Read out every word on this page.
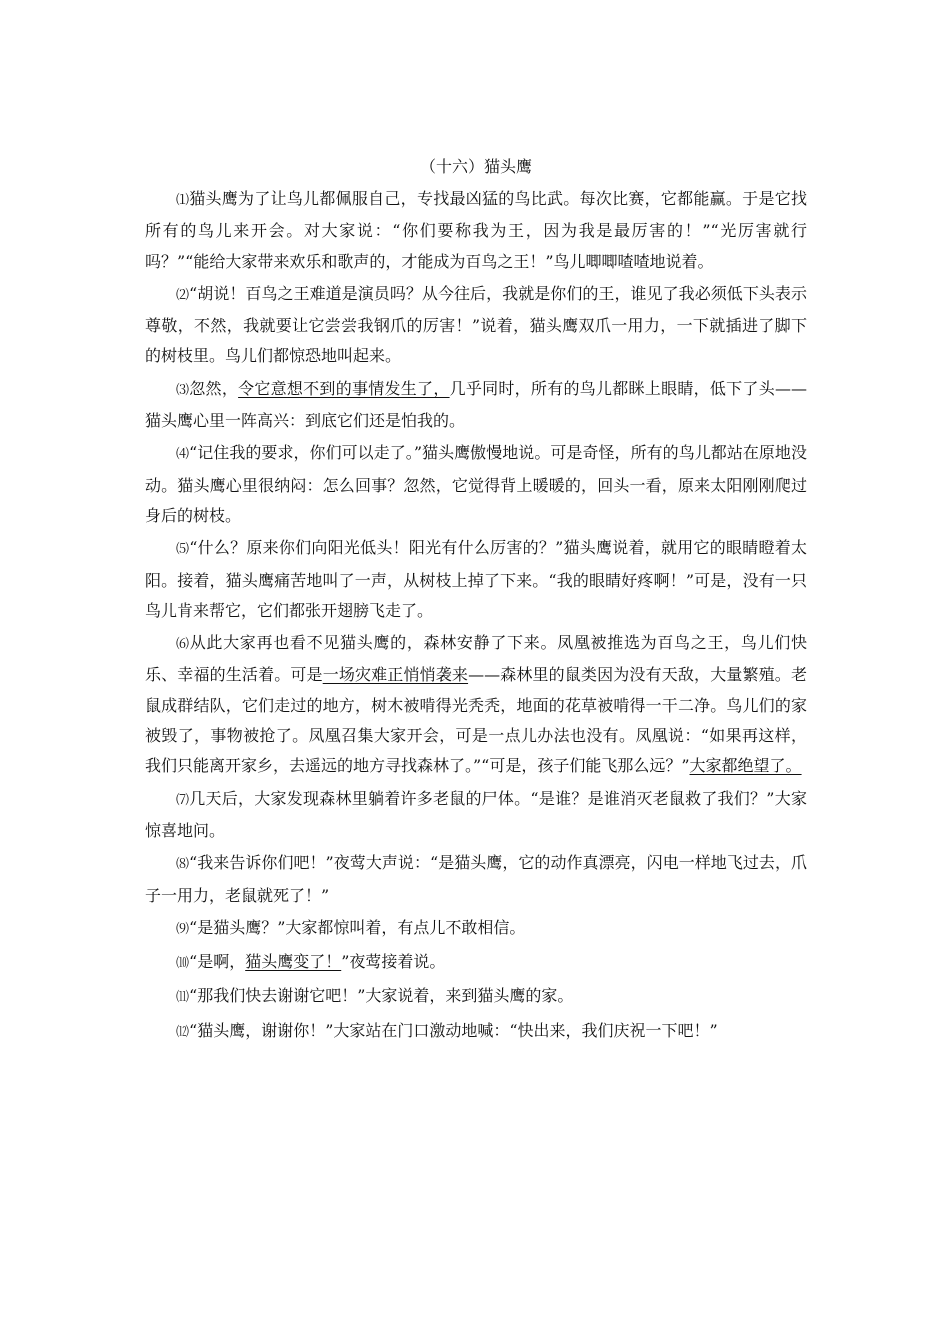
（十六）猫头鹰

⑴猫头鹰为了让鸟儿都佩服自己，专找最凶猛的鸟比武。每次比赛，它都能赢。于是它找所有的鸟儿来开会。对大家说：“你们要称我为王，因为我是最厉害的！”“光厉害就行吗？”“能给大家带来欢乐和歌声的，才能成为百鸟之王！”鸟儿唧唧喳喳地说着。

⑵“胡说！百鸟之王难道是演员吗？从今往后，我就是你们的王，谁见了我必须低下头表示尊敬，不然，我就要让它尝尝我钢爪的厉害！”说着，猫头鹰双爪一用力，一下就插进了脚下的树枝里。鸟儿们都惊恐地叫起来。

⑶忽然，令它意想不到的事情发生了，几乎同时，所有的鸟儿都眯上眼睛，低下了头——猫头鹰心里一阵高兴：到底它们还是怕我的。

⑷“记住我的要求，你们可以走了。”猫头鹰傲慢地说。可是奇怪，所有的鸟儿都站在原地没动。猫头鹰心里很纳闷：怎么回事？忽然，它觉得背上暖暖的，回头一看，原来太阳刚刚爬过身后的树枝。

⑸“什么？原来你们向阳光低头！阳光有什么厉害的？”猫头鹰说着，就用它的眼睛瞪着太阳。接着，猫头鹰痛苦地叫了一声，从树枝上掉了下来。“我的眼睛好疼啊！”可是，没有一只鸟儿肯来帮它，它们都张开翅膀飞走了。

⑹从此大家再也看不见猫头鹰的，森林安静了下来。凤凰被推选为百鸟之王，鸟儿们快乐、幸福的生活着。可是一场灾难正悄悄袭来——森林里的鼠类因为没有天敌，大量繁殖。老鼠成群结队，它们走过的地方，树木被啃得光秃秃，地面的花草被啃得一干二净。鸟儿们的家被毁了，事物被抢了。凤凰召集大家开会，可是一点儿办法也没有。凤凰说：“如果再这样，我们只能离开家乡，去遥远的地方寻找森林了。”“可是，孩子们能飞那么远？”大家都绝望了。

⑺几天后，大家发现森林里躺着许多老鼠的尸体。“是谁？是谁消灭老鼠救了我们？”大家惊喜地问。

⑻“我来告诉你们吧！”夜莺大声说：“是猫头鹰，它的动作真漂亮，闪电一样地飞过去，爪子一用力，老鼠就死了！”

⑼“是猫头鹰？”大家都惊叫着，有点儿不敢相信。

⑽“是啊，猫头鹰变了！”夜莺接着说。

⑾“那我们快去谢谢它吧！”大家说着，来到猫头鹰的家。

⑿“猫头鹰，谢谢你！”大家站在门口激动地喊：“快出来，我们庆祝一下吧！”
